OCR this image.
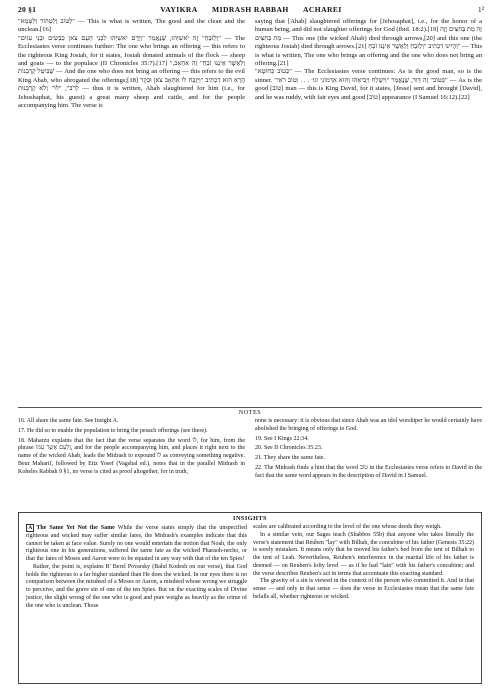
20 §1	VAYIKRA MIDRASH RABBAH ACHAREI	1²

"לַטּוֹב וְלַטָּהוֹר וְלַטָּמֵא" — This is what is written, The good and the clean and the unclean.[16]

"וְלַזֹּבֵחַ" זֶה יֹאשִׁיָּהוּ, שֶׁנֶּאֱמַר "וַיָּרֶם יֹאשִׁיָּהוּ לִבְנֵי הָעָם צֹאן כְּבָשִׂים וּבְנֵי עִזִּים" — The Ecclesiastes verse continues further: The one who brings an offering — this refers to the righteous King Josiah, for it states, Josiah donated animals of the flock — sheep and goats — to the populace (II Chronicles 35:7).[17] "וְלַאֲשֶׁר אֵינֶנּוּ זֹבֵחַ" זֶה אַחְאָב, שֶׁבִּיטֵּל קָרְבָּנוֹת — And the one who does not bring an offering — this refers to the evil King Ahab, who abrogated the offerings;[18] הֲרֵא הוּא דִכְתִיב "וַיִּזְבַּח לוֹ אַחְאָב צֹאן וּבָקָר לָרֹב", "לוֹ" וְלֹא קָרְבָּנוֹת — thus it is written, Ahab slaughtered for him (i.e., for Jehoshaphat, his guest) a great many sheep and cattle, and for the people accompanying him. The verse is

saying that [Ahab] slaughtered offerings for [Jehosaphat], i.e., for the honor of a human being, and did not slaughter offerings for God (ibid. 18:2).[19] זֶה מֵת בַּחִצִּים וְזֶה מֵת בַּחִצִּים — This one (the wicked Ahab) died through arrows,[20] and this one (the righteous Josiah) died through arrows.[21] וַהֲיִינוּ דִכְתִיב "וְלַזֹּבֵחַ וְלַאֲשֶׁר אֵינֶנּוּ זֹבֵחַ" — This is what is written, The one who brings an offering and the one who does not bring an offering.[21]

"כַּטּוֹב כַּחוֹטֶא" — The Ecclesiastes verse continues: As is the good man, so is the sinner. "כַּטּוֹב" זֶה דָּוִד, שֶׁנֶּאֱמַר "וַיִּשְׁלַח וַיְבִיאֵהוּ וְהוּא אַדְמוֹנִי וגו׳ . . . וְטוֹב רֹאִי" — As is the good [טוֹב] man — this is King David, for it states, [Jesse] sent and brought [David], and he was ruddy, with fair eyes and good [טוֹב] appearance (I Samuel 16:12).[22]

NOTES

16. All share the same fate. See Insight A.

17. He did so to enable the population to bring the pesach offerings (see there).

18. Maharzu explains that the fact that the verse separates the word לוֹ, for him, from the phrase וְלָעָם אֲשֶׁר עִמּוֹ, and for the people accompanying him, and places it right next to the name of the wicked Ahab, leads the Midrash to expound לוֹ as conveying something negative. Beur Maharif, followed by Eitz Yosef (Vagshal ed.), notes that in the parallel Midrash in Koheles Rabbah 9 §1, no verse is cited as proof altogether, for in truth,

none is necessary: it is obvious that since Ahab was an idol worshiper he would certainly have abolished the bringing of offerings to God.

19. See I Kings 22:34.

20. See II Chronicles 35:23.

21. They share the same fate.

22. The Midrash finds a hint that the word טוֹב in the Ecclesiastes verse refers to David in the fact that the same word appears in the description of David in I Samuel.

INSIGHTS

A The Same Yet Not the Same While the verse states simply that the unspecified righteous and wicked may suffer similar fates, the Midrash's examples indicate that this cannot be taken at face value. Surely no one would entertain the notion that Noah, the only righteous one in his generations, suffered the same fate as the wicked Pharaoh-necho, or that the fates of Moses and Aaron were to be equated in any way with that of the ten Spies!

Rather, the point is, explains R' Berel Povarsky (Bahd Kodesh on our verse), that God holds the righteous to a far higher standard than He does the wicked. In our eyes there is no comparison between the misdeed of a Moses or Aaron, a misdeed whose wrong we struggle to perceive, and the grave sin of one of the ten Spies. But on the exacting scales of Divine justice, the slight wrong of the one who is good and pure weighs as heavily as the crime of the one who is unclean. Those

scales are calibrated according to the level of the one whose deeds they weigh.

In a similar vein, our Sages teach (Shabbos 55b) that anyone who takes literally the verse's statement that Reuben "lay" with Bilhah, the concubine of his father (Genesis 35:22) is sorely mistaken. It means only that he moved his father's bed from the tent of Bilhah to the tent of Leah. Nevertheless, Reuben's interference in the marital life of his father is deemed — on Reuben's lofty level — as if he had "lain" with his father's concubine; and the verse describes Reuben's act in terms that accentuate this exacting standard.

The gravity of a sin is viewed in the context of the person who committed it. And in that sense — and only in that sense — does the verse in Ecclesiastes mean that the same fate befalls all, whether righteous or wicked.
